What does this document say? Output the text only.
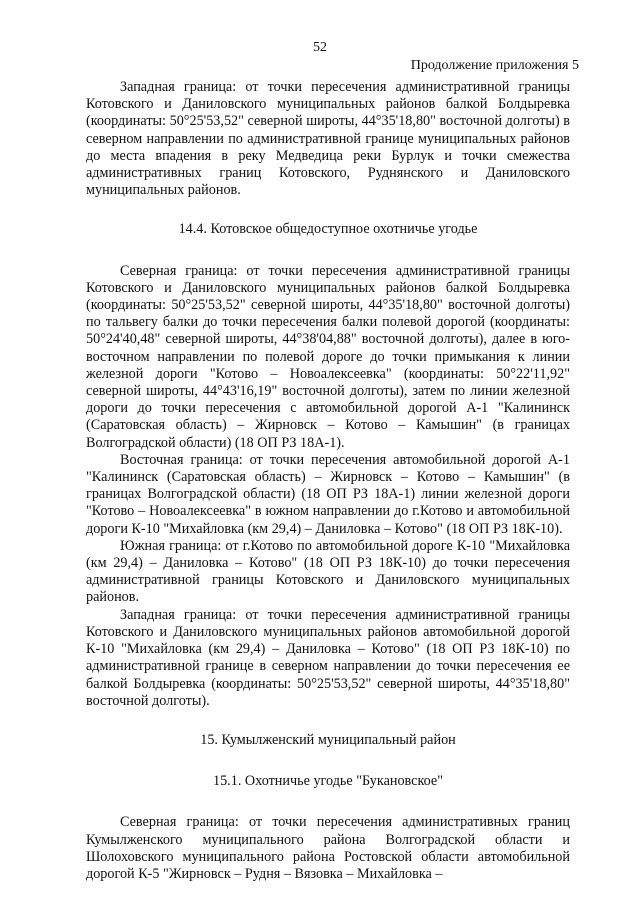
52
Продолжение приложения 5

Западная граница: от точки пересечения административной границы Котовского и Даниловского муниципальных районов балкой Болдыревка (координаты: 50°25'53,52" северной широты, 44°35'18,80" восточной долготы) в северном направлении по административной границе муниципальных районов до места впадения в реку Медведица реки Бурлук и точки смежества административных границ Котовского, Руднянского и Даниловского муниципальных районов.

14.4. Котовское общедоступное охотничье угодье

Северная граница: от точки пересечения административной границы Котовского и Даниловского муниципальных районов балкой Болдыревка (координаты: 50°25'53,52" северной широты, 44°35'18,80" восточной долготы) по тальвегу балки до точки пересечения балки полевой дорогой (координаты: 50°24'40,48" северной широты, 44°38'04,88" восточной долготы), далее в юго-восточном направлении по полевой дороге до точки примыкания к линии железной дороги "Котово – Новоалексеевка" (координаты: 50°22'11,92" северной широты, 44°43'16,19" восточной долготы), затем по линии железной дороги до точки пересечения с автомобильной дорогой А-1 "Калининск (Саратовская область) – Жирновск – Котово – Камышин" (в границах Волгоградской области) (18 ОП РЗ 18А-1).

Восточная граница: от точки пересечения автомобильной дорогой А-1 "Калининск (Саратовская область) – Жирновск – Котово – Камышин" (в границах Волгоградской области) (18 ОП РЗ 18А-1) линии железной дороги "Котово – Новоалексеевка" в южном направлении до г.Котово и автомобильной дороги К-10 "Михайловка (км 29,4) – Даниловка – Котово" (18 ОП РЗ 18К-10).

Южная граница: от г.Котово по автомобильной дороге К-10 "Михайловка (км 29,4) – Даниловка – Котово" (18 ОП РЗ 18К-10) до точки пересечения административной границы Котовского и Даниловского муниципальных районов.

Западная граница: от точки пересечения административной границы Котовского и Даниловского муниципальных районов автомобильной дорогой К-10 "Михайловка (км 29,4) – Даниловка – Котово" (18 ОП РЗ 18К-10) по административной границе в северном направлении до точки пересечения ее балкой Болдыревка (координаты: 50°25'53,52" северной широты, 44°35'18,80" восточной долготы).

15. Кумылженский муниципальный район
15.1. Охотничье угодье "Букановское"

Северная граница: от точки пересечения административных границ Кумылженского муниципального района Волгоградской области и Шолоховского муниципального района Ростовской области автомобильной дорогой К-5 "Жирновск – Рудня – Вязовка – Михайловка –
